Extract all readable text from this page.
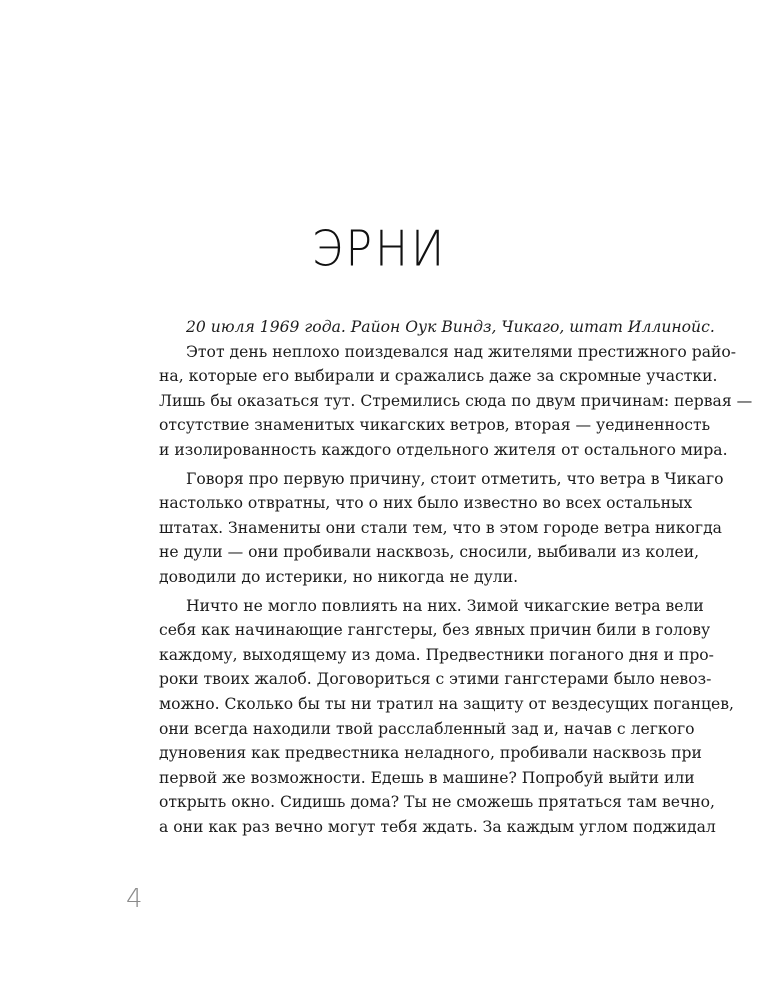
ЭРНИ
20 июля 1969 года. Район Оук Виндз, Чикаго, штат Иллинойс.
Этот день неплохо поиздевался над жителями престижного райо-
на, которые его выбирали и сражались даже за скромные участки.
Лишь бы оказаться тут. Стремились сюда по двум причинам: первая —
отсутствие знаменитых чикагских ветров, вторая — уединенность
и изолированность каждого отдельного жителя от остального мира.
Говоря про первую причину, стоит отметить, что ветра в Чикаго
настолько отвратны, что о них было известно во всех остальных
штатах. Знамениты они стали тем, что в этом городе ветра никогда
не дули — они пробивали насквозь, сносили, выбивали из колеи,
доводили до истерики, но никогда не дули.
Ничто не могло повлиять на них. Зимой чикагские ветра вели
себя как начинающие гангстеры, без явных причин били в голову
каждому, выходящему из дома. Предвестники поганого дня и про-
роки твоих жалоб. Договориться с этими гангстерами было невоз-
можно. Сколько бы ты ни тратил на защиту от вездесущих поганцев,
они всегда находили твой расслабленный зад и, начав с легкого
дуновения как предвестника неладного, пробивали насквозь при
первой же возможности. Едешь в машине? Попробуй выйти или
открыть окно. Сидишь дома? Ты не сможешь прятаться там вечно,
а они как раз вечно могут тебя ждать. За каждым углом поджидал
4
